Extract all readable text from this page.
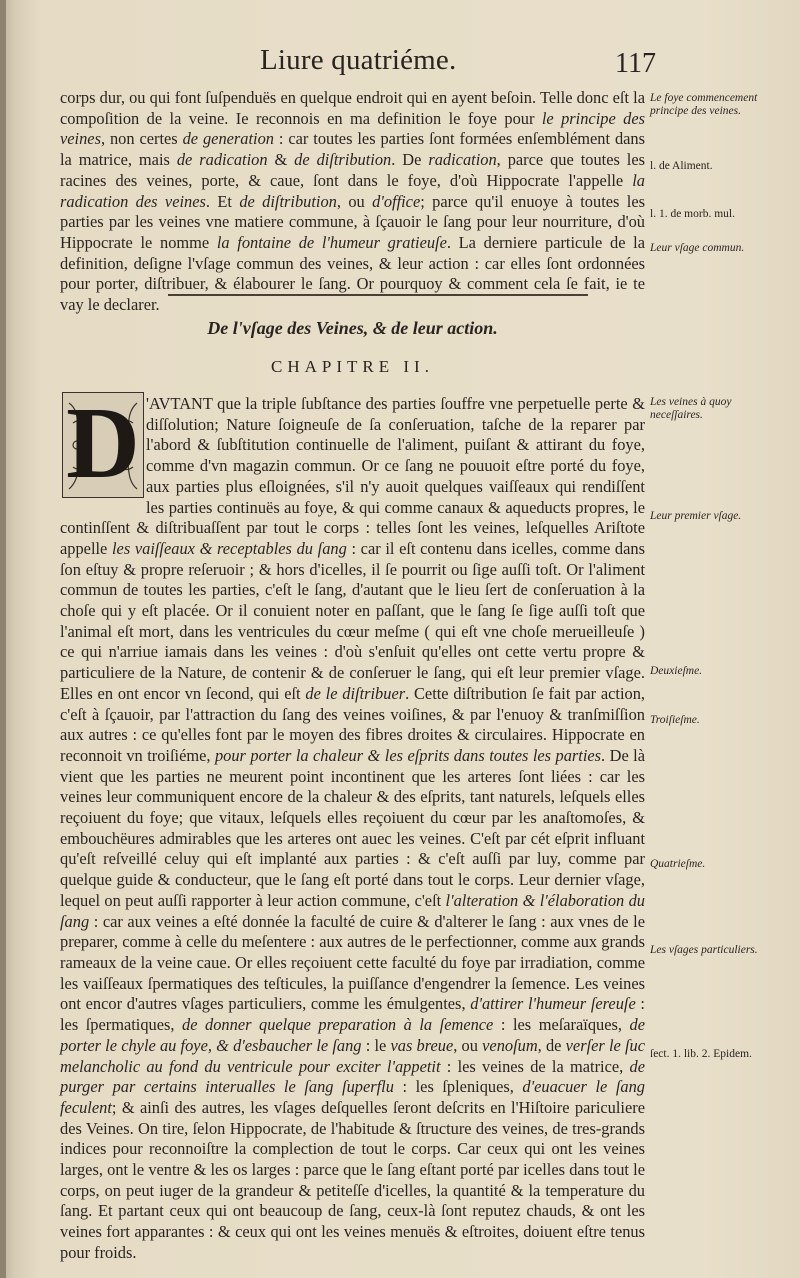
Liure quatriéme.	117

corps dur, ou qui font ſuſpenduës en quelque endroit qui en ayent beſoin. Telle donc eſt la compoſition de la veine. Ie reconnois en ma definition le foye pour le principe des veines, non certes de generation : car toutes les parties ſont formées enſemblément dans la matrice, mais de radication & de diſtribution. De radication, parce que toutes les racines des veines, porte, & caue, ſont dans le foye, d'où Hippocrate l'appelle la radication des veines. Et de diſtribution, ou d'office; parce qu'il enuoye à toutes les parties par les veines vne matiere commune, à ſçauoir le ſang pour leur nourriture, d'où Hippocrate le nomme la fontaine de l'humeur gratieuſe. La derniere particule de la definition, deſigne l'vſage commun des veines, & leur action : car elles ſont ordonnées pour porter, diſtribuer, & élabourer le ſang. Or pourquoy & comment cela ſe fait, ie te vay le declarer.

De l'vſage des Veines, & de leur action.
CHAPITRE II.

'AVTANT que la triple ſubſtance des parties ſouffre vne perpetuelle perte & diſſolution; Nature ſoigneuſe de ſa conſeruation, taſche de la reparer par l'abord & ſubſtitution continuelle de l'aliment, puiſant & attirant du foye, comme d'vn magazin commun. Or ce ſang ne pouuoit eſtre porté du foye, aux parties plus eſloignées, s'il n'y auoit quelques vaiſſeaux qui rendiſſent les parties continuës au foye, & qui comme canaux & aqueducts propres, le continſſent & diſtribuaſſent par tout le corps : telles ſont les veines, leſquelles Ariſtote appelle les vaiſſeaux & receptables du ſang : car il eſt contenu dans icelles, comme dans ſon eſtuy & propre reſeruoir ; & hors d'icelles, il ſe pourrit ou ſige auſſi toſt. Or l'aliment commun de toutes les parties, c'eſt le ſang, d'autant que le lieu ſert de conſeruation à la choſe qui y eſt placée. Or il conuient noter en paſſant, que le ſang ſe ſige auſſi toſt que l'animal eſt mort, dans les ventricules du cœur meſme ( qui eſt vne choſe merueilleuſe ) ce qui n'arriue iamais dans les veines : d'où s'enſuit qu'elles ont cette vertu propre & particuliere de la Nature, de contenir & de conſeruer le ſang, qui eſt leur premier vſage. Elles en ont encor vn ſecond, qui eſt de le diſtribuer. Cette diſtribution ſe fait par action, c'eſt à ſçauoir, par l'attraction du ſang des veines voiſines, & par l'enuoy & tranſmiſſion aux autres : ce qu'elles font par le moyen des fibres droites & circulaires. Hippocrate en reconnoit vn troiſiéme, pour porter la chaleur & les eſprits dans toutes les parties. De là vient que les parties ne meurent point incontinent que les arteres ſont liées : car les veines leur communiquent encore de la chaleur & des eſprits, tant naturels, leſquels elles reçoiuent du foye; que vitaux, leſquels elles reçoiuent du cœur par les anaſtomoſes, & embouchëures admirables que les arteres ont auec les veines. C'eſt par cét eſprit influant qu'eſt reſveillé celuy qui eſt implanté aux parties : & c'eſt auſſi par luy, comme par quelque guide & conducteur, que le ſang eſt porté dans tout le corps. Leur dernier vſage, lequel on peut auſſi rapporter à leur action commune, c'eſt l'alteration & l'élaboration du ſang : car aux veines a eſté donnée la faculté de cuire & d'alterer le ſang : aux vnes de le preparer, comme à celle du meſentere : aux autres de le perfectionner, comme aux grands rameaux de la veine caue. Or elles reçoiuent cette faculté du foye par irradiation, comme les vaiſſeaux ſpermatiques des teſticules, la puiſſance d'engendrer la ſemence. Les veines ont encor d'autres vſages particuliers, comme les émulgentes, d'attirer l'humeur ſereuſe : les ſpermatiques, de donner quelque preparation à la ſemence : les meſaraïques, de porter le chyle au foye, & d'esbaucher le ſang : le vas breue, ou venoſum, de verſer le ſuc melancholic au fond du ventricule pour exciter l'appetit : les veines de la matrice, de purger par certains interualles le ſang ſuperflu : les ſpleniques, d'euacuer le ſang feculent; & ainſi des autres, les vſages deſquelles ſeront deſcrits en l'Hiſtoire pariculiere des Veines. On tire, ſelon Hippocrate, de l'habitude & ſtructure des veines, de tres-grands indices pour reconnoiſtre la complection de tout le corps. Car ceux qui ont les veines larges, ont le ventre & les os larges : parce que le ſang eſtant porté par icelles dans tout le corps, on peut iuger de la grandeur & petiteſſe d'icelles, la quantité & la temperature du ſang. Et partant ceux qui ont beaucoup de ſang, ceux-là ſont reputez chauds, & ont les veines fort apparantes : & ceux qui ont les veines menuës & eſtroites, doiuent eſtre tenus pour froids.

D
Le foye commencement principe des veines.
l. de Aliment.
l. 1. de morb. mul.
Leur vſage commun.
Les veines à quoy neceſſaires.
Leur premier vſage.
Deuxieſme.
Troiſieſme.
Quatrieſme.
Les vſages particuliers.
ſect. 1. lib. 2. Epidem.
